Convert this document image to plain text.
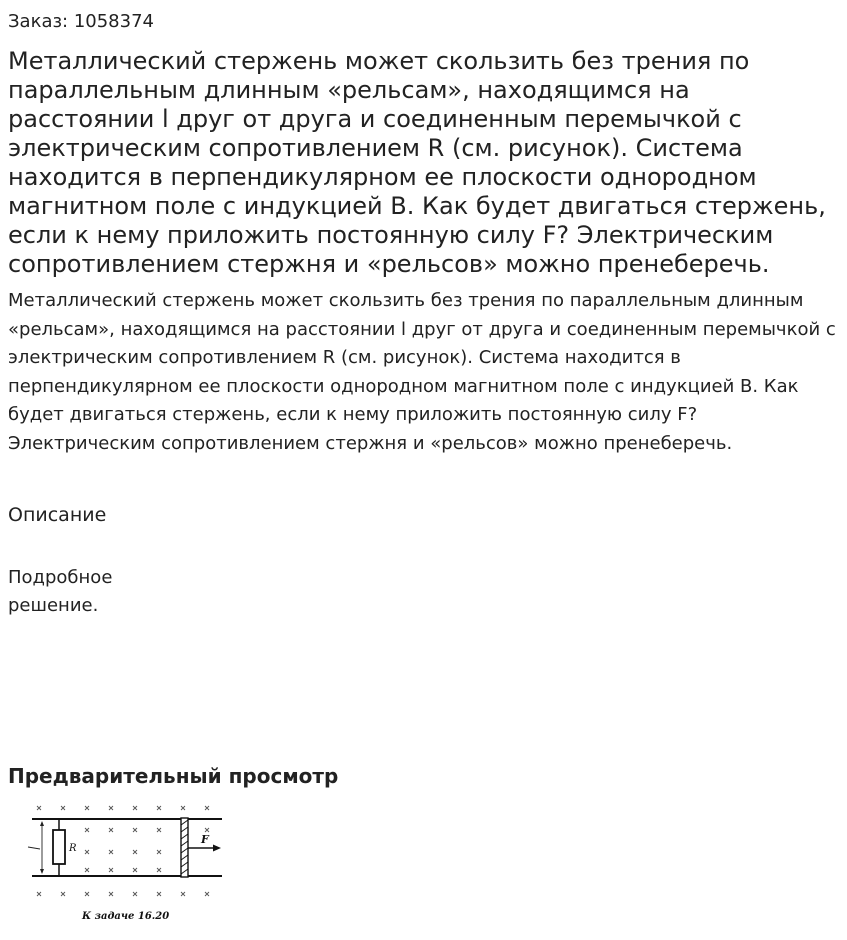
Заказ: 1058374

Металлический стержень может скользить без трения по параллельным длинным «рельсам», находящимся на расстоянии l друг от друга и соединенным перемычкой с электрическим сопротивлением R (см. рисунок). Система находится в перпендикулярном ее плоскости однородном магнитном поле с индукцией B. Как будет двигаться стержень, если к нему приложить постоянную силу F? Электрическим сопротивлением стержня и «рельсов» можно пренеберечь.

Металлический стержень может скользить без трения по параллельным длинным «рельсам», находящимся на расстоянии l друг от друга и соединенным перемычкой с электрическим сопротивлением R (см. рисунок). Система находится в перпендикулярном ее плоскости однородном магнитном поле с индукцией B. Как будет двигаться стержень, если к нему приложить постоянную силу F? Электрическим сопротивлением стержня и «рельсов» можно пренеберечь.

Описание

Подробное решение.

Предварительный просмотр
R
F
К задаче 16.20
